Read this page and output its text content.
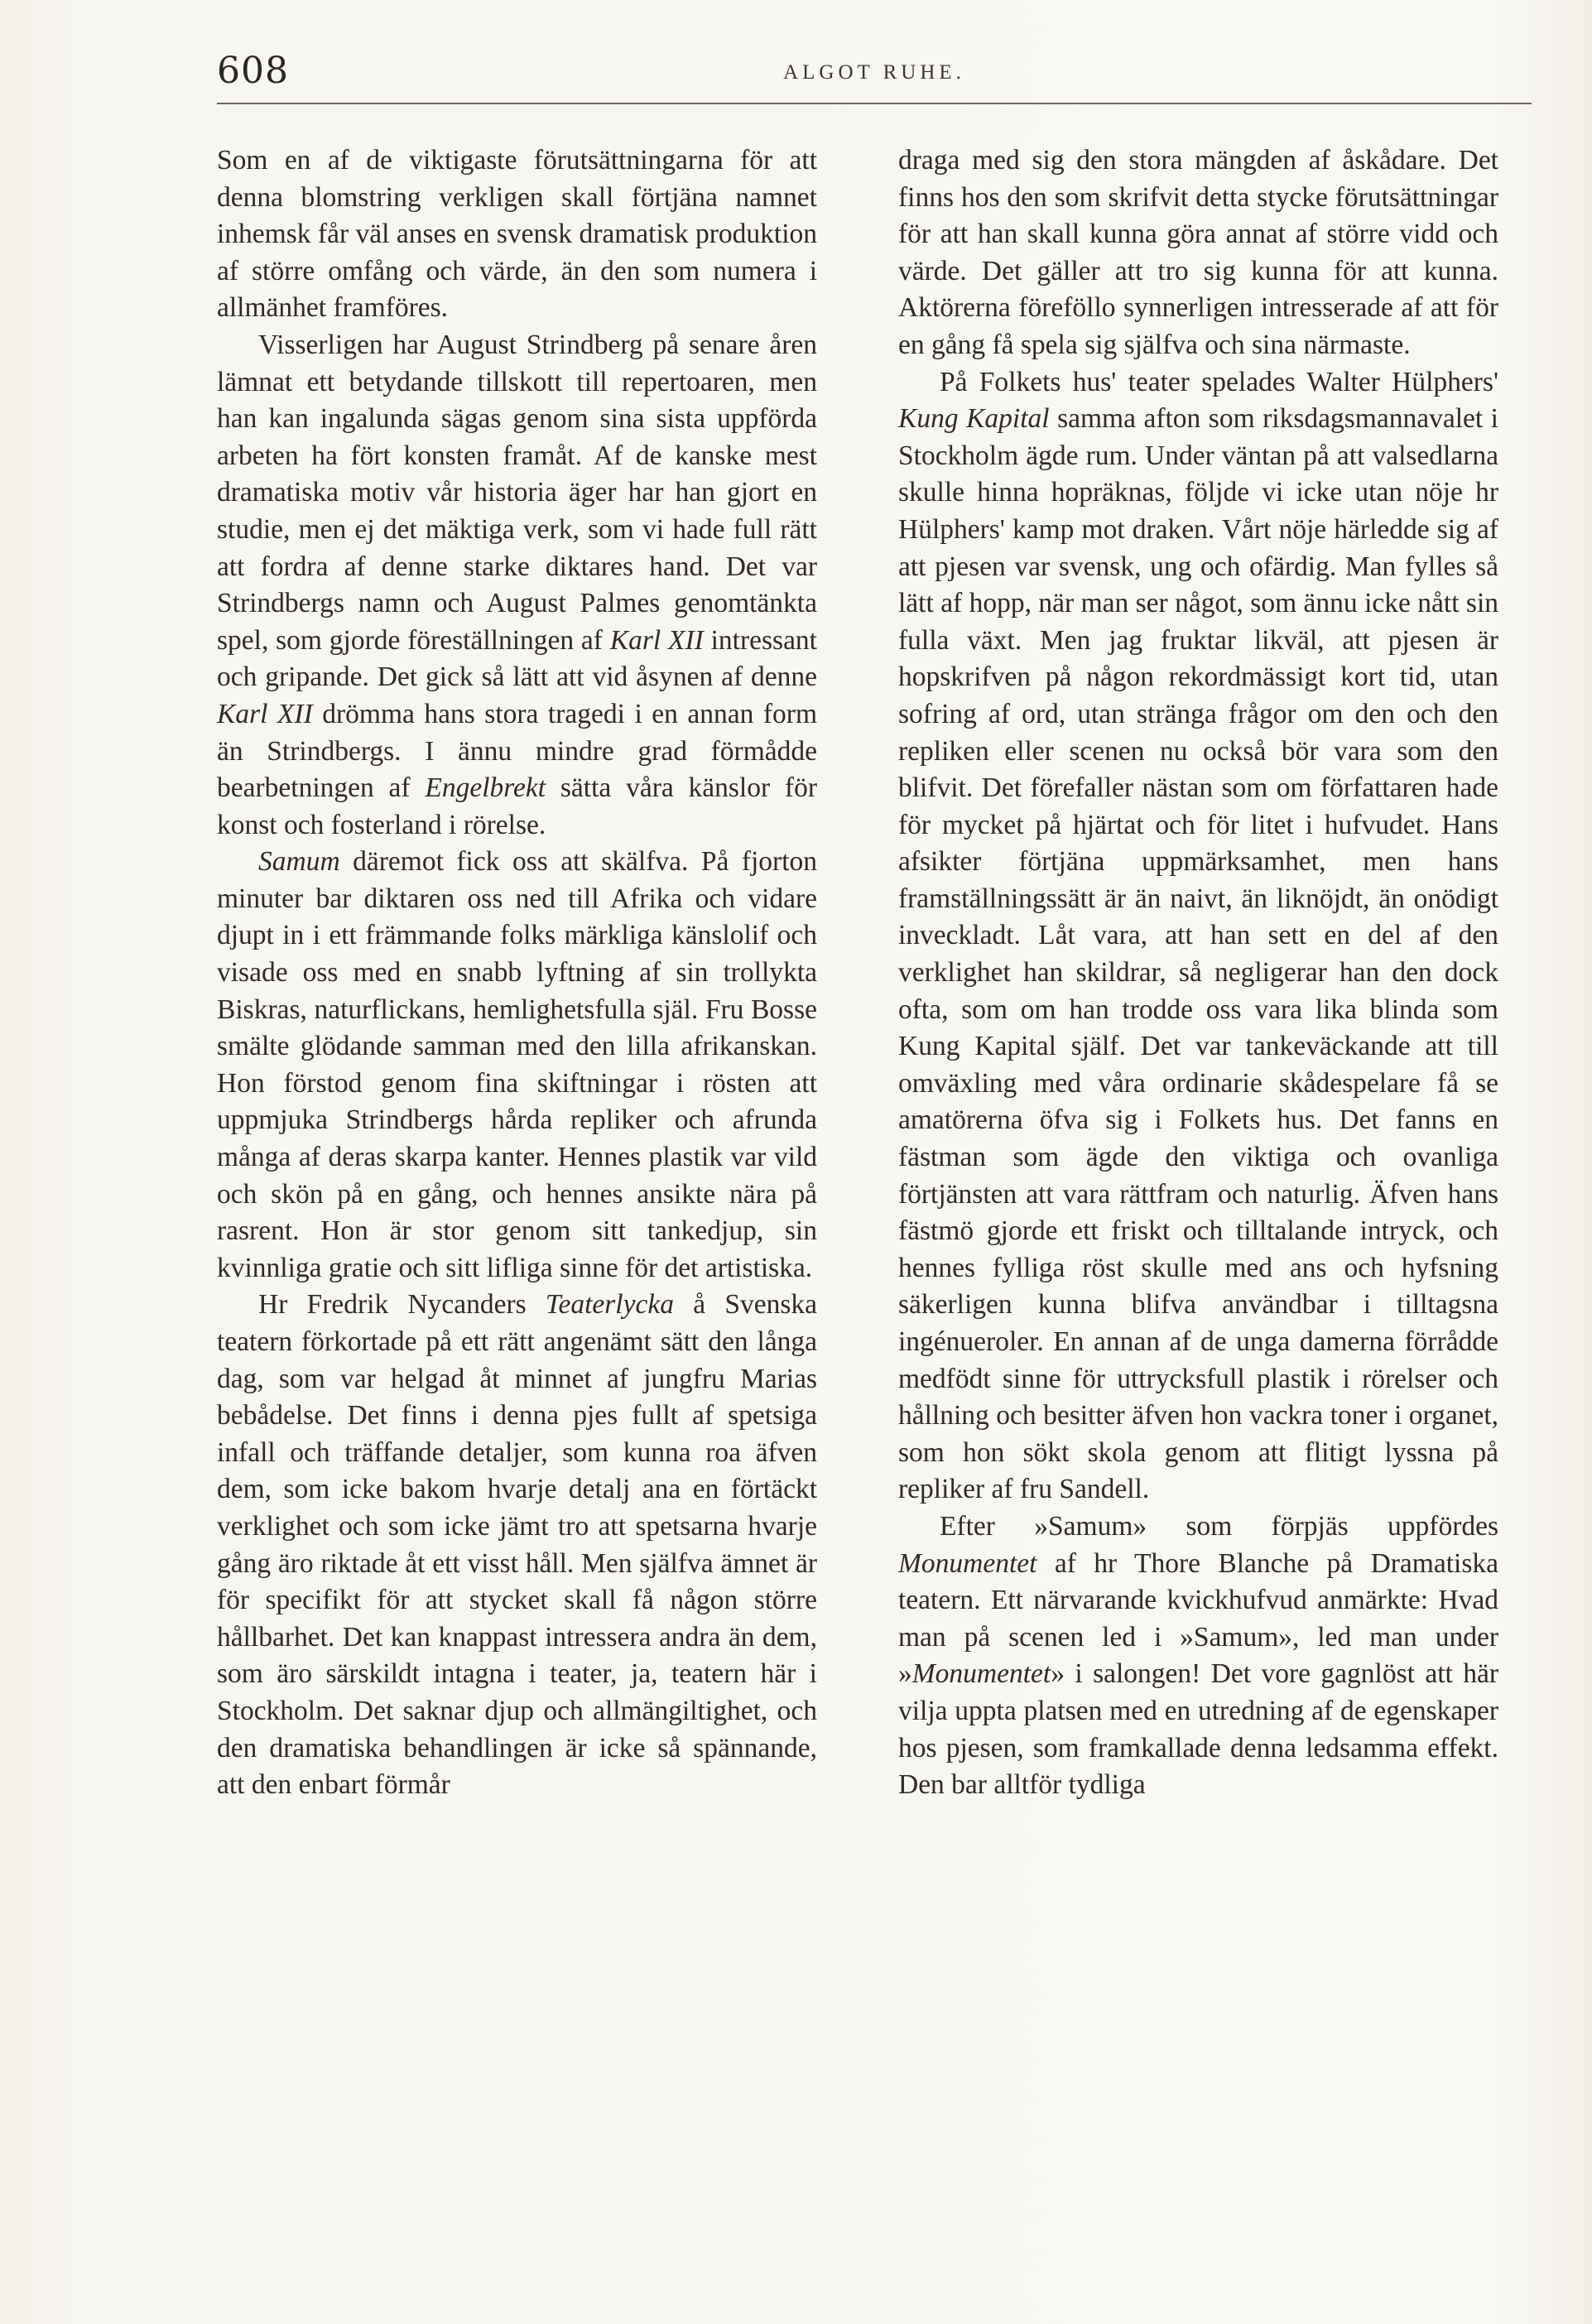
608	ALGOT RUHE.

Som en af de viktigaste förutsättningarna för att denna blomstring verkligen skall förtjäna namnet inhemsk får väl anses en svensk dramatisk produktion af större omfång och värde, än den som numera i allmänhet framföres.

Visserligen har August Strindberg på senare åren lämnat ett betydande tillskott till repertoaren, men han kan ingalunda sägas genom sina sista uppförda arbeten ha fört konsten framåt. Af de kanske mest dramatiska motiv vår historia äger har han gjort en studie, men ej det mäktiga verk, som vi hade full rätt att fordra af denne starke diktares hand. Det var Strindbergs namn och August Palmes genomtänkta spel, som gjorde föreställningen af Karl XII intressant och gripande. Det gick så lätt att vid åsynen af denne Karl XII drömma hans stora tragedi i en annan form än Strindbergs. I ännu mindre grad förmådde bearbetningen af Engelbrekt sätta våra känslor för konst och fosterland i rörelse.

Samum däremot fick oss att skälfva. På fjorton minuter bar diktaren oss ned till Afrika och vidare djupt in i ett främmande folks märkliga känslolif och visade oss med en snabb lyftning af sin trollykta Biskras, naturflickans, hemlighetsfulla själ. Fru Bosse smälte glödande samman med den lilla afrikanskan. Hon förstod genom fina skiftningar i rösten att uppmjuka Strindbergs hårda repliker och afrunda många af deras skarpa kanter. Hennes plastik var vild och skön på en gång, och hennes ansikte nära på rasrent. Hon är stor genom sitt tankedjup, sin kvinnliga gratie och sitt lifliga sinne för det artistiska.

Hr Fredrik Nycanders Teaterlycka å Svenska teatern förkortade på ett rätt angenämt sätt den långa dag, som var helgad åt minnet af jungfru Marias bebådelse. Det finns i denna pjes fullt af spetsiga infall och träffande detaljer, som kunna roa äfven dem, som icke bakom hvarje detalj ana en förtäckt verklighet och som icke jämt tro att spetsarna hvarje gång äro riktade åt ett visst håll. Men själfva ämnet är för specifikt för att stycket skall få någon större hållbarhet. Det kan knappast intressera andra än dem, som äro särskildt intagna i teater, ja, teatern här i Stockholm. Det saknar djup och allmängiltighet, och den dramatiska behandlingen är icke så spännande, att den enbart förmår

draga med sig den stora mängden af åskådare. Det finns hos den som skrifvit detta stycke förutsättningar för att han skall kunna göra annat af större vidd och värde. Det gäller att tro sig kunna för att kunna. Aktörerna föreföllo synnerligen intresserade af att för en gång få spela sig själfva och sina närmaste.

På Folkets hus' teater spelades Walter Hülphers' Kung Kapital samma afton som riksdagsmannavalet i Stockholm ägde rum. Under väntan på att valsedlarna skulle hinna hopräknas, följde vi icke utan nöje hr Hülphers' kamp mot draken. Vårt nöje härledde sig af att pjesen var svensk, ung och ofärdig. Man fylles så lätt af hopp, när man ser något, som ännu icke nått sin fulla växt. Men jag fruktar likväl, att pjesen är hopskrifven på någon rekordmässigt kort tid, utan sofring af ord, utan stränga frågor om den och den repliken eller scenen nu också bör vara som den blifvit. Det förefaller nästan som om författaren hade för mycket på hjärtat och för litet i hufvudet. Hans afsikter förtjäna uppmärksamhet, men hans framställningssätt är än naivt, än liknöjdt, än onödigt inveckladt. Låt vara, att han sett en del af den verklighet han skildrar, så negligerar han den dock ofta, som om han trodde oss vara lika blinda som Kung Kapital själf. Det var tankeväckande att till omväxling med våra ordinarie skådespelare få se amatörerna öfva sig i Folkets hus. Det fanns en fästman som ägde den viktiga och ovanliga förtjänsten att vara rättfram och naturlig. Äfven hans fästmö gjorde ett friskt och tilltalande intryck, och hennes fylliga röst skulle med ans och hyfsning säkerligen kunna blifva användbar i tilltagsna ingénueroler. En annan af de unga damerna förrådde medfödt sinne för uttrycksfull plastik i rörelser och hållning och besitter äfven hon vackra toner i organet, som hon sökt skola genom att flitigt lyssna på repliker af fru Sandell.

Efter »Samum» som förpjäs uppfördes Monumentet af hr Thore Blanche på Dramatiska teatern. Ett närvarande kvickhufvud anmärkte: Hvad man på scenen led i »Samum», led man under »Monumentet» i salongen! Det vore gagnlöst att här vilja uppta platsen med en utredning af de egenskaper hos pjesen, som framkallade denna ledsamma effekt. Den bar alltför tydliga
